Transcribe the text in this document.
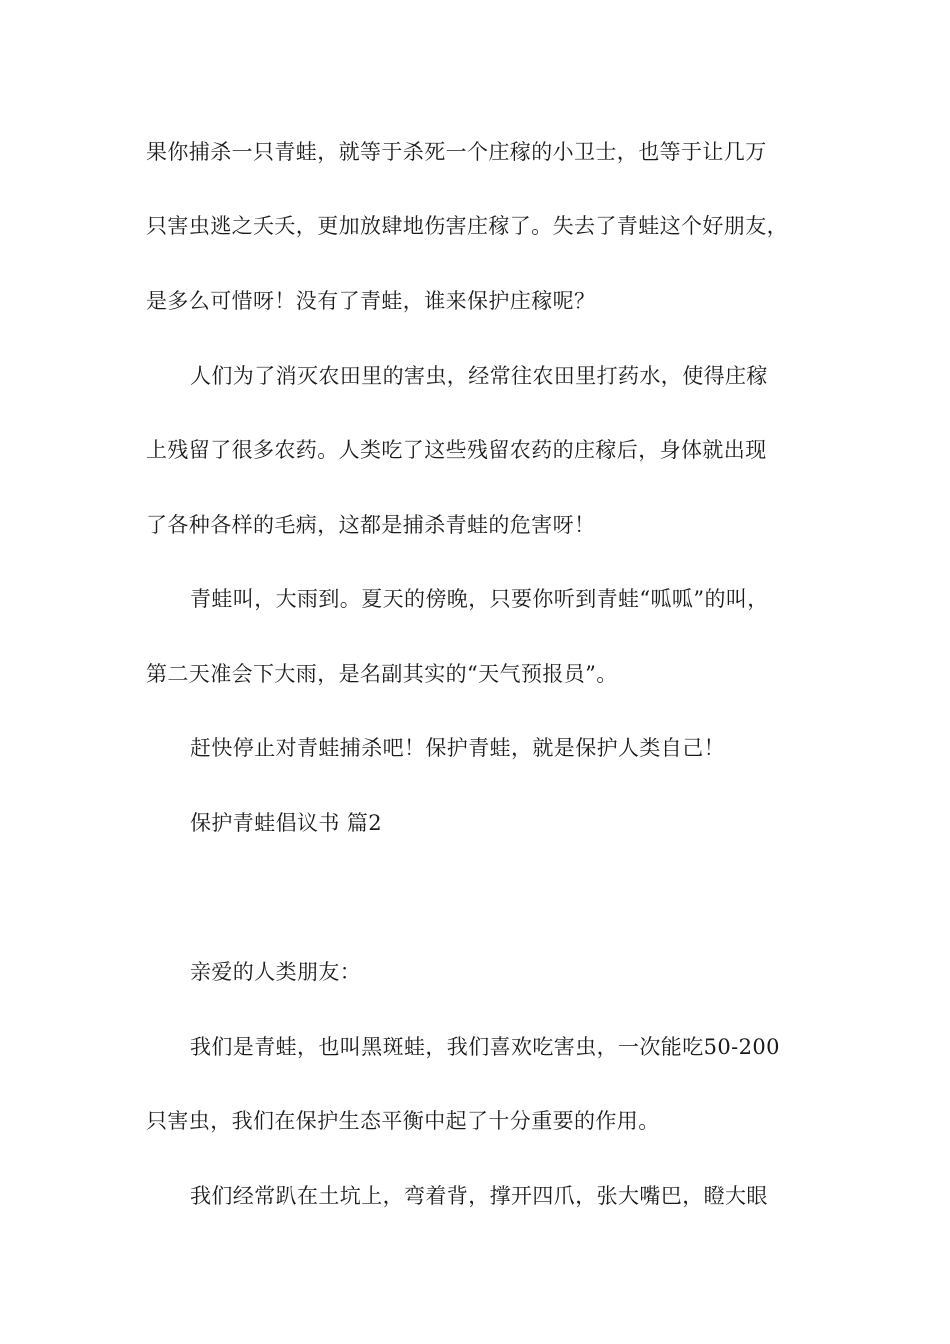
果你捕杀一只青蛙，就等于杀死一个庄稼的小卫士，也等于让几万
只害虫逃之夭夭，更加放肆地伤害庄稼了。失去了青蛙这个好朋友，
是多么可惜呀！没有了青蛙，谁来保护庄稼呢？
人们为了消灭农田里的害虫，经常往农田里打药水，使得庄稼
上残留了很多农药。人类吃了这些残留农药的庄稼后，身体就出现
了各种各样的毛病，这都是捕杀青蛙的危害呀！
青蛙叫，大雨到。夏天的傍晚，只要你听到青蛙“呱呱”的叫，
第二天准会下大雨，是名副其实的“天气预报员”。
赶快停止对青蛙捕杀吧！保护青蛙，就是保护人类自己！
保护青蛙倡议书 篇2
亲爱的人类朋友：
我们是青蛙，也叫黑斑蛙，我们喜欢吃害虫，一次能吃50-200
只害虫，我们在保护生态平衡中起了十分重要的作用。
我们经常趴在土坑上，弯着背，撑开四爪，张大嘴巴，瞪大眼
